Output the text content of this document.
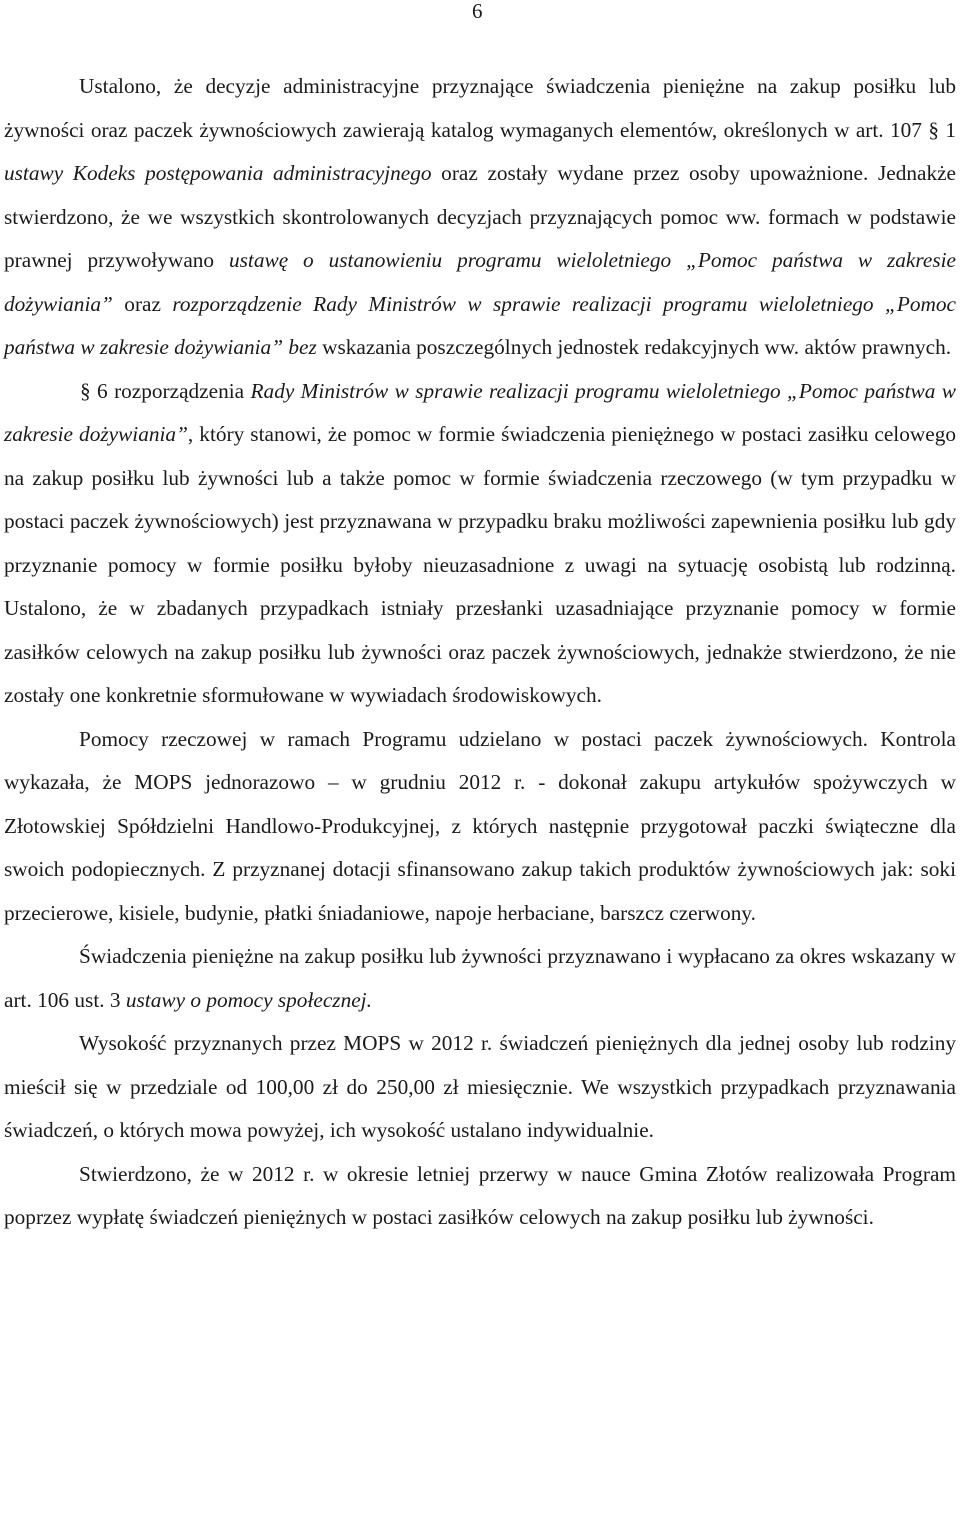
6

Ustalono, że decyzje administracyjne przyznające świadczenia pieniężne na zakup posiłku lub żywności oraz paczek żywnościowych zawierają katalog wymaganych elementów, określonych w art. 107 § 1 ustawy Kodeks postępowania administracyjnego oraz zostały wydane przez osoby upoważnione. Jednakże stwierdzono, że we wszystkich skontrolowanych decyzjach przyznających pomoc ww. formach w podstawie prawnej przywoływano ustawę o ustanowieniu programu wieloletniego „Pomoc państwa w zakresie dożywiania” oraz rozporządzenie Rady Ministrów w sprawie realizacji programu wieloletniego „Pomoc państwa w zakresie dożywiania” bez wskazania poszczególnych jednostek redakcyjnych ww. aktów prawnych.

§ 6 rozporządzenia Rady Ministrów w sprawie realizacji programu wieloletniego „Pomoc państwa w zakresie dożywiania”, który stanowi, że pomoc w formie świadczenia pieniężnego w postaci zasiłku celowego na zakup posiłku lub żywności lub a także pomoc w formie świadczenia rzeczowego (w tym przypadku w postaci paczek żywnościowych) jest przyznawana w przypadku braku możliwości zapewnienia posiłku lub gdy przyznanie pomocy w formie posiłku byłoby nieuzasadnione z uwagi na sytuację osobistą lub rodzinną. Ustalono, że w zbadanych przypadkach istniały przesłanki uzasadniające przyznanie pomocy w formie zasiłków celowych na zakup posiłku lub żywności oraz paczek żywnościowych, jednakże stwierdzono, że nie zostały one konkretnie sformułowane w wywiadach środowiskowych.

Pomocy rzeczowej w ramach Programu udzielano w postaci paczek żywnościowych. Kontrola wykazała, że MOPS jednorazowo – w grudniu 2012 r. - dokonał zakupu artykułów spożywczych w Złotowskiej Spółdzielni Handlowo-Produkcyjnej, z których następnie przygotował paczki świąteczne dla swoich podopiecznych. Z przyznanej dotacji sfinansowano zakup takich produktów żywnościowych jak: soki przecierowe, kisiele, budynie, płatki śniadaniowe, napoje herbaciane, barszcz czerwony.

Świadczenia pieniężne na zakup posiłku lub żywności przyznawano i wypłacano za okres wskazany w art. 106 ust. 3 ustawy o pomocy społecznej.

Wysokość przyznanych przez MOPS w 2012 r. świadczeń pieniężnych dla jednej osoby lub rodziny mieścił się w przedziale od 100,00 zł do 250,00 zł miesięcznie. We wszystkich przypadkach przyznawania świadczeń, o których mowa powyżej, ich wysokość ustalano indywidualnie.

Stwierdzono, że w 2012 r. w okresie letniej przerwy w nauce Gmina Złotów realizowała Program poprzez wypłatę świadczeń pieniężnych w postaci zasiłków celowych na zakup posiłku lub żywności.
